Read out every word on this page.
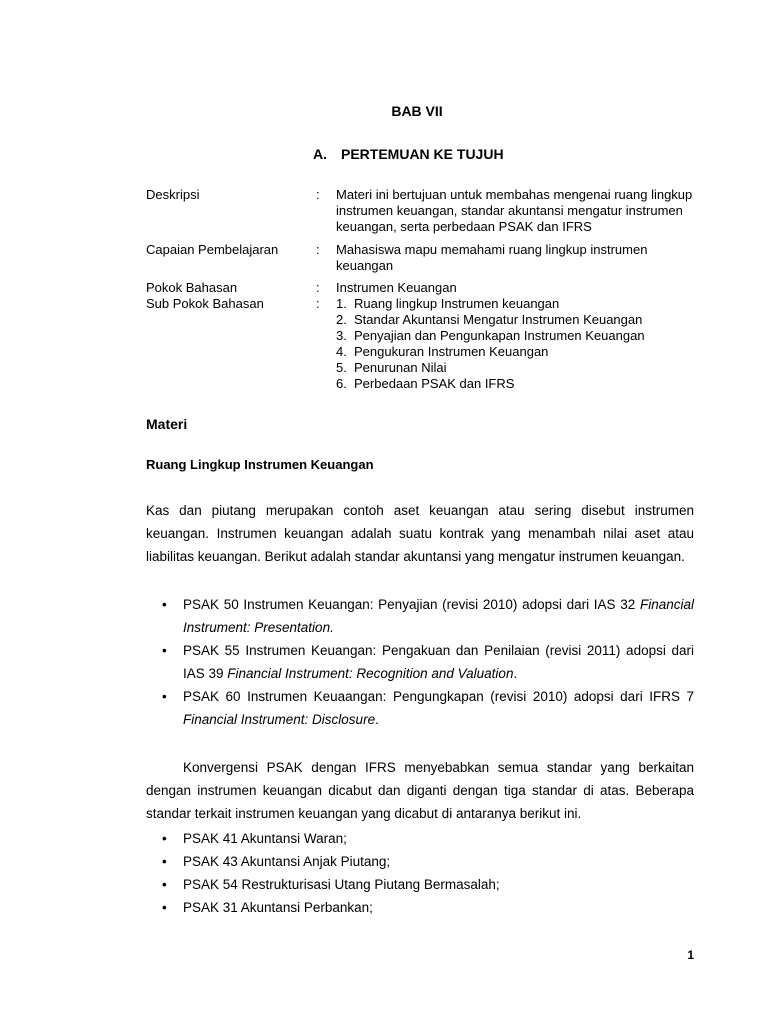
BAB VII
A. PERTEMUAN KE TUJUH
Deskripsi	: Materi ini bertujuan untuk membahas mengenai ruang lingkup instrumen keuangan, standar akuntansi mengatur instrumen keuangan, serta perbedaan PSAK dan IFRS
Capaian Pembelajaran	: Mahasiswa mapu memahami ruang lingkup instrumen keuangan
Pokok Bahasan	: Instrumen Keuangan
Sub Pokok Bahasan	: 1. Ruang lingkup Instrumen keuangan
2. Standar Akuntansi Mengatur Instrumen Keuangan
3. Penyajian dan Pengunkapan Instrumen Keuangan
4. Pengukuran Instrumen Keuangan
5. Penurunan Nilai
6. Perbedaan PSAK dan IFRS
Materi
Ruang Lingkup Instrumen Keuangan

Kas dan piutang merupakan contoh aset keuangan atau sering disebut instrumen keuangan. Instrumen keuangan adalah suatu kontrak yang menambah nilai aset atau liabilitas keuangan. Berikut adalah standar akuntansi yang mengatur instrumen keuangan.

• PSAK 50 Instrumen Keuangan: Penyajian (revisi 2010) adopsi dari IAS 32 Financial Instrument: Presentation.
• PSAK 55 Instrumen Keuangan: Pengakuan dan Penilaian (revisi 2011) adopsi dari IAS 39 Financial Instrument: Recognition and Valuation.
• PSAK 60 Instrumen Keuaangan: Pengungkapan (revisi 2010) adopsi dari IFRS 7 Financial Instrument: Disclosure.

Konvergensi PSAK dengan IFRS menyebabkan semua standar yang berkaitan dengan instrumen keuangan dicabut dan diganti dengan tiga standar di atas. Beberapa standar terkait instrumen keuangan yang dicabut di antaranya berikut ini.

• PSAK 41 Akuntansi Waran;
• PSAK 43 Akuntansi Anjak Piutang;
• PSAK 54 Restrukturisasi Utang Piutang Bermasalah;
• PSAK 31 Akuntansi Perbankan;
1
